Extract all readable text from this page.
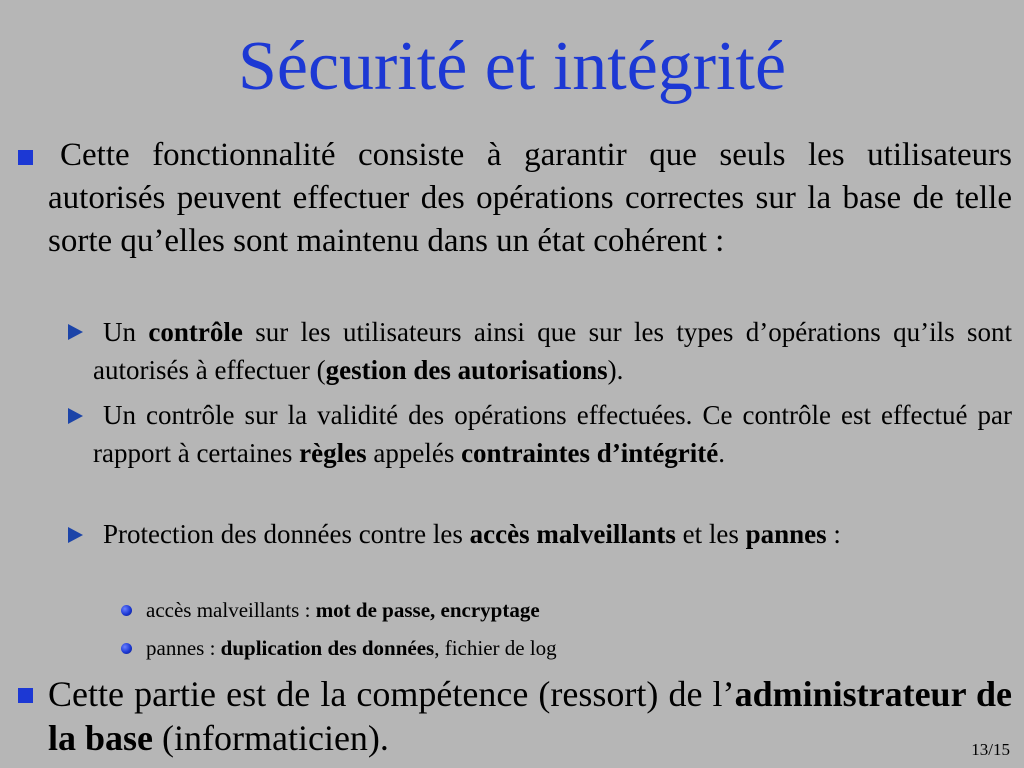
Sécurité et intégrité
Cette fonctionnalité consiste à garantir que seuls les utilisateurs autorisés peuvent effectuer des opérations correctes sur la base de telle sorte qu’elles sont maintenu dans un état cohérent :
Un contrôle sur les utilisateurs ainsi que sur les types d’opérations qu’ils sont autorisés à effectuer (gestion des autorisations).
Un contrôle sur la validité des opérations effectuées. Ce contrôle est effectué par rapport à certaines règles appelés contraintes d’intégrité.
Protection des données contre les accès malveillants et les pannes :
accès malveillants : mot de passe, encryptage
pannes : duplication des données, fichier de log
Cette partie est de la compétence (ressort) de l’administrateur de la base (informaticien).	13/15
